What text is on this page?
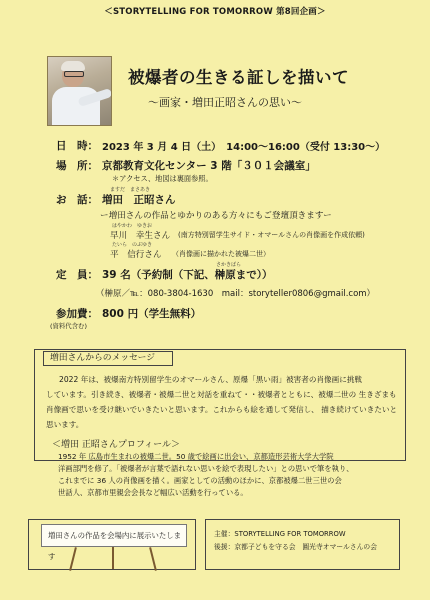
＜STORYTELLING FOR TOMORROW 第8回企画＞
被爆者の生きる証しを描いて
〜画家・増田正昭さんの思い〜
日　時： 2023 年 3 月 4 日（土）　14:00〜16:00（受付 13:30〜）
場　所： 京都教育文化センター 3 階「３０１会議室」
＊アクセス、地図は裏面参照。
ますだ　まさあき
お　話： 増田　正昭さん
ー増田さんの作品とゆかりのある方々にもご登壇頂きますー
はやかわ　ゆきお
早川　幸生さん (南方特別留学生サイド・オマールさんの肖像画を作成依頼)
たいら　のぶゆき
平　信行さん （肖像画に描かれた被爆二世）
定　員： 39 名（予約制（下記、榊原まで））
さかきばら
（榊原／℡：080-3804-1630　mail：storyteller0806@gmail.com）
参加費： 800 円（学生無料）
(資料代含む)
増田さんからのメッセージ
2022 年は、被爆南方特別留学生のオマールさん、原爆「黒い雨」被害者の肖像画に挑戦
しています。引き続き、被爆者・被爆二世と対話を重ねて・・被爆者とともに、被爆二世の 生きざまも肖像画で思いを受け継いでいきたいと思います。これからも絵を通して発信し、 描き続けていきたいと思います。
＜増田 正昭さんプロフィール＞
1952 年 広島市生まれの被爆二世。50 歳で絵画に出会い、京都造形芸術大学大学院
洋画部門を修了。「被爆者が言葉で語れない思いを絵で表現したい」との思いで筆を執り、
これまでに 36 人の肖像画を描く。画家としての活動のほかに、京都被爆二世三世の会
世話人、京都市里親会会長など幅広い活動を行っている。
増田さんの作品を会場内に展示いたします
主催：STORYTELLING FOR TOMORROW
後援：京都子どもを守る会　圓光寺オマールさんの会
